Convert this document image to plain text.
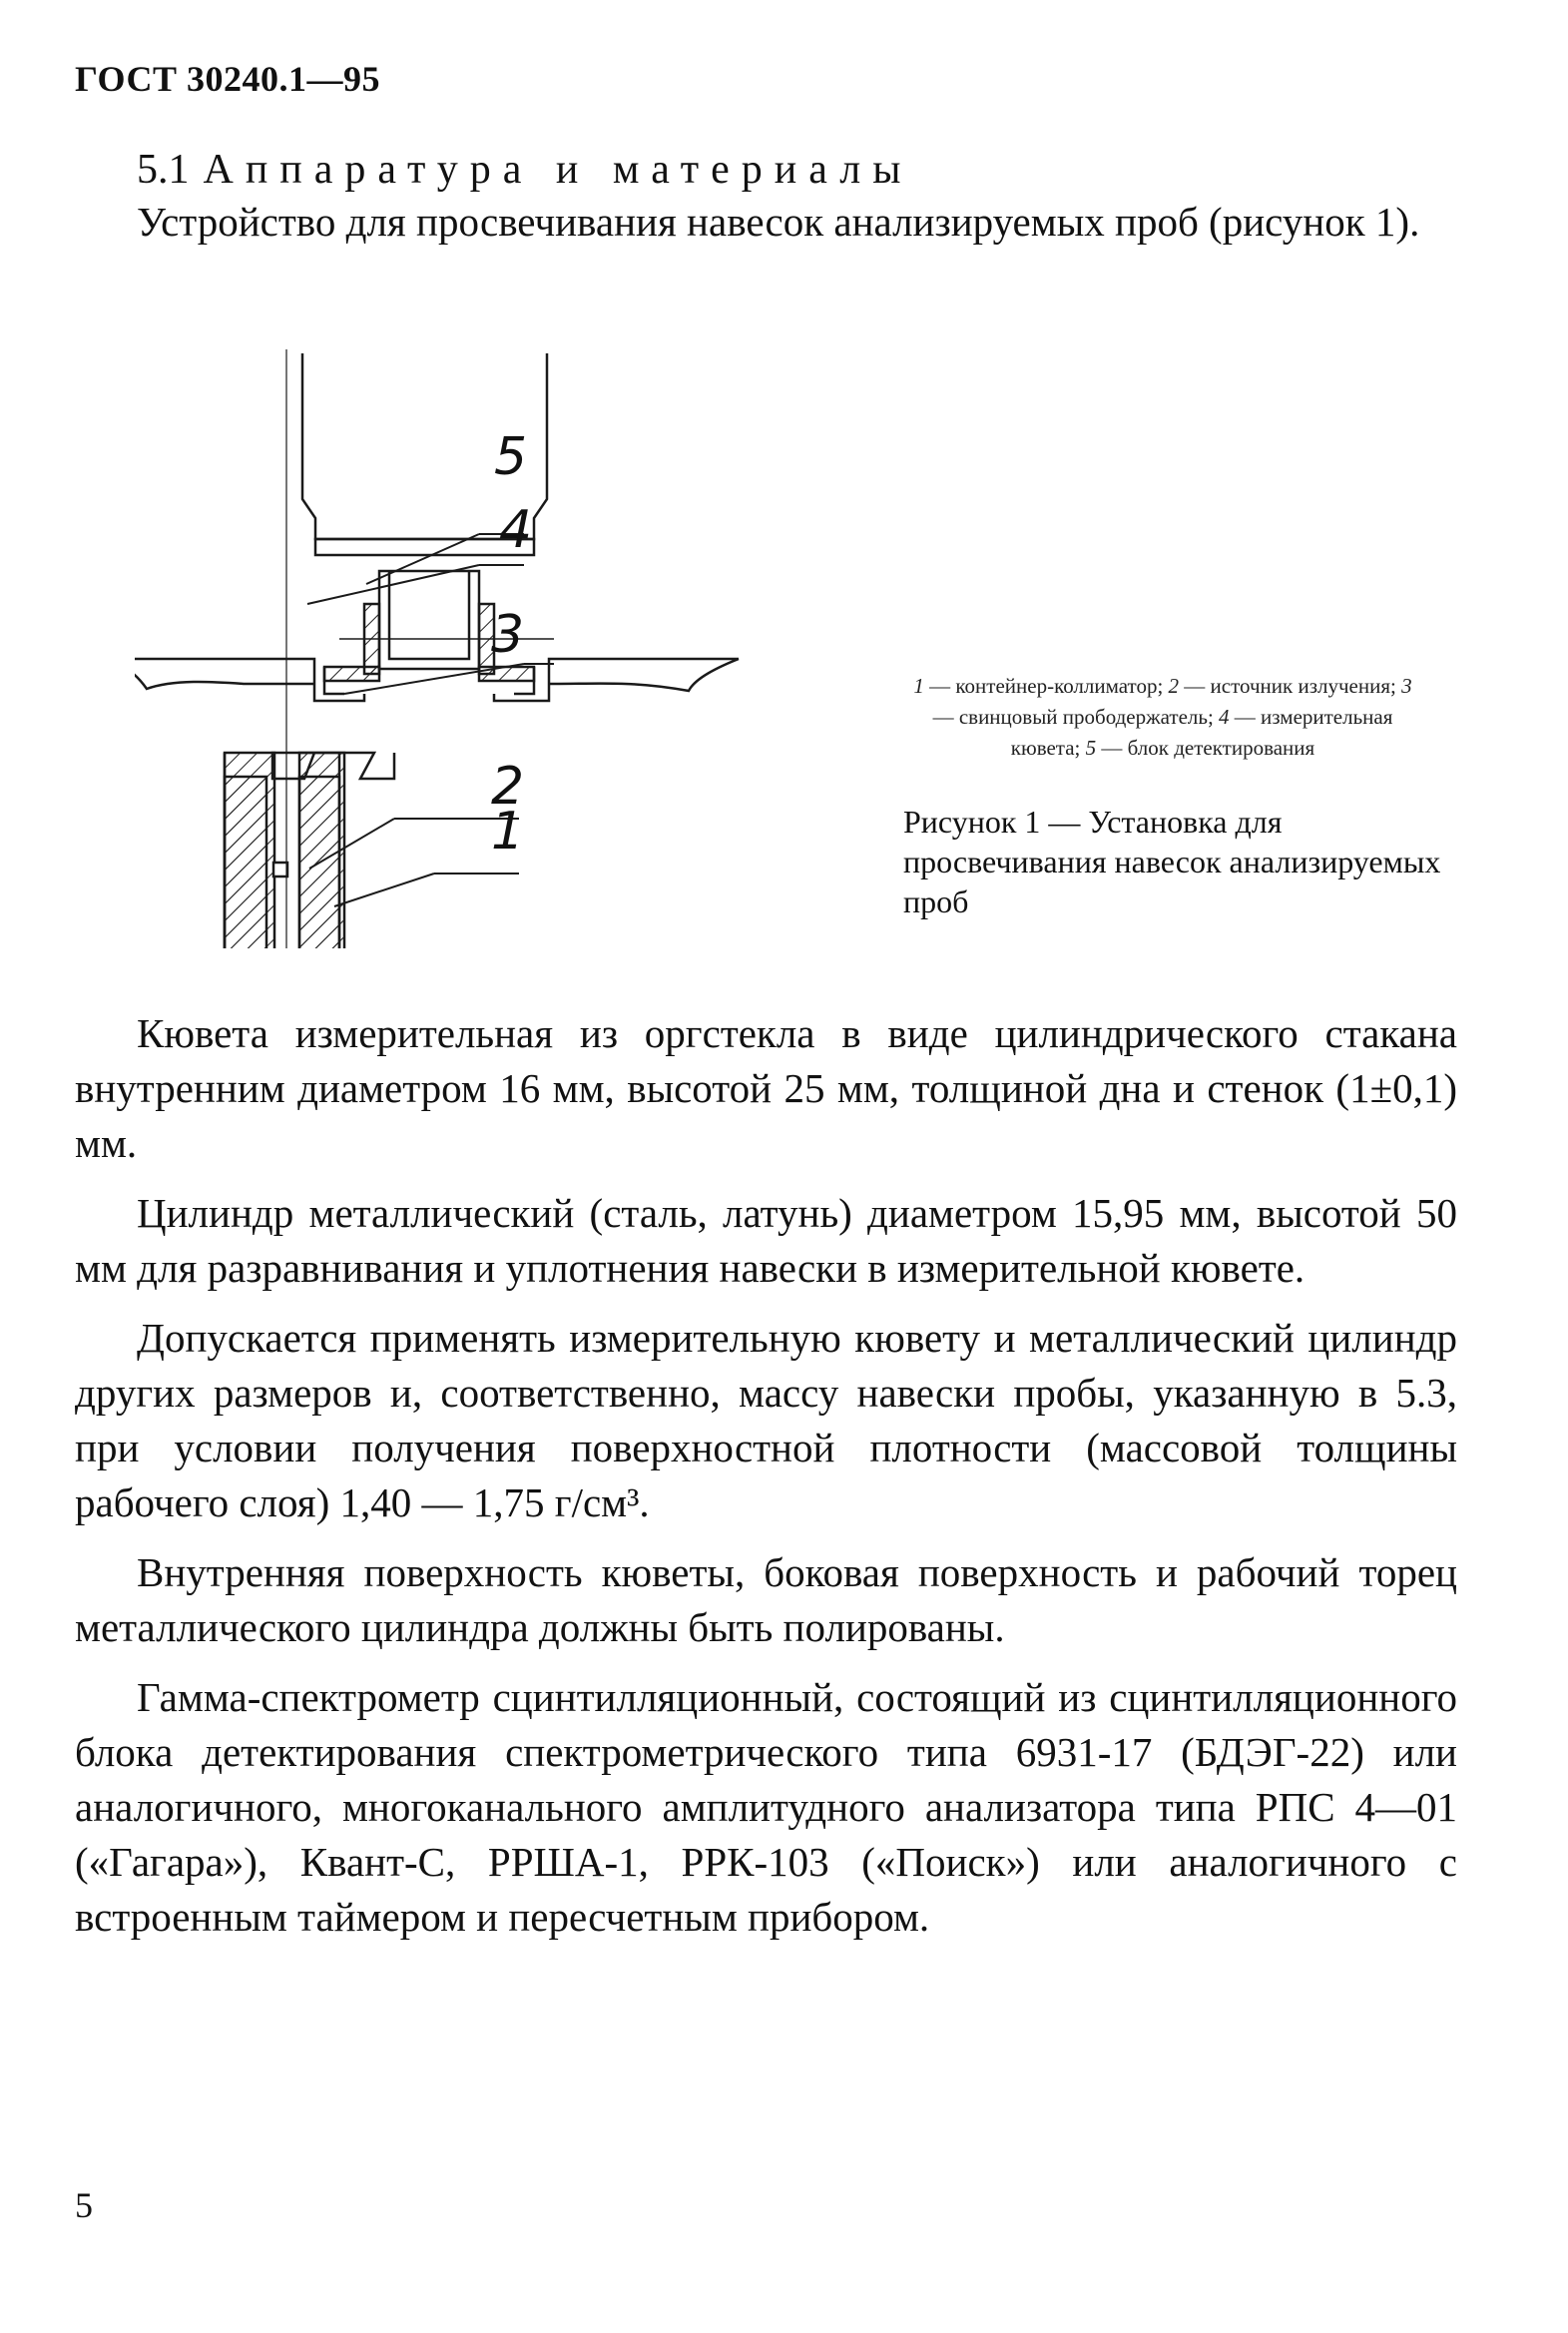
ГОСТ 30240.1—95
5.1 Аппаратура и материалы

Устройство для просвечивания навесок анализируемых проб (рисунок 1).

5
4
3
2
1
1 — контейнер-коллиматор; 2 — источник излучения; 3 — свинцовый прободержатель; 4 — измерительная кювета; 5 — блок детектирования

Рисунок 1 — Установка для просвечивания навесок анализируемых проб

Кювета измерительная из оргстекла в виде цилиндрического стакана внутренним диаметром 16 мм, высотой 25 мм, толщиной дна и стенок (1±0,1) мм.

Цилиндр металлический (сталь, латунь) диаметром 15,95 мм, высотой 50 мм для разравнивания и уплотнения навески в измерительной кювете.

Допускается применять измерительную кювету и металлический цилиндр других размеров и, соответственно, массу навески пробы, указанную в 5.3, при условии получения поверхностной плотности (массовой толщины рабочего слоя) 1,40 — 1,75 г/см³.

Внутренняя поверхность кюветы, боковая поверхность и рабочий торец металлического цилиндра должны быть полированы.

Гамма-спектрометр сцинтилляционный, состоящий из сцинтилляционного блока детектирования спектрометрического типа 6931-17 (БДЭГ-22) или аналогичного, многоканального амплитудного анализатора типа РПС 4—01 («Гагара»), Квант-С, РРША-1, РРК-103 («Поиск») или аналогичного с встроенным таймером и пересчетным прибором.

5
